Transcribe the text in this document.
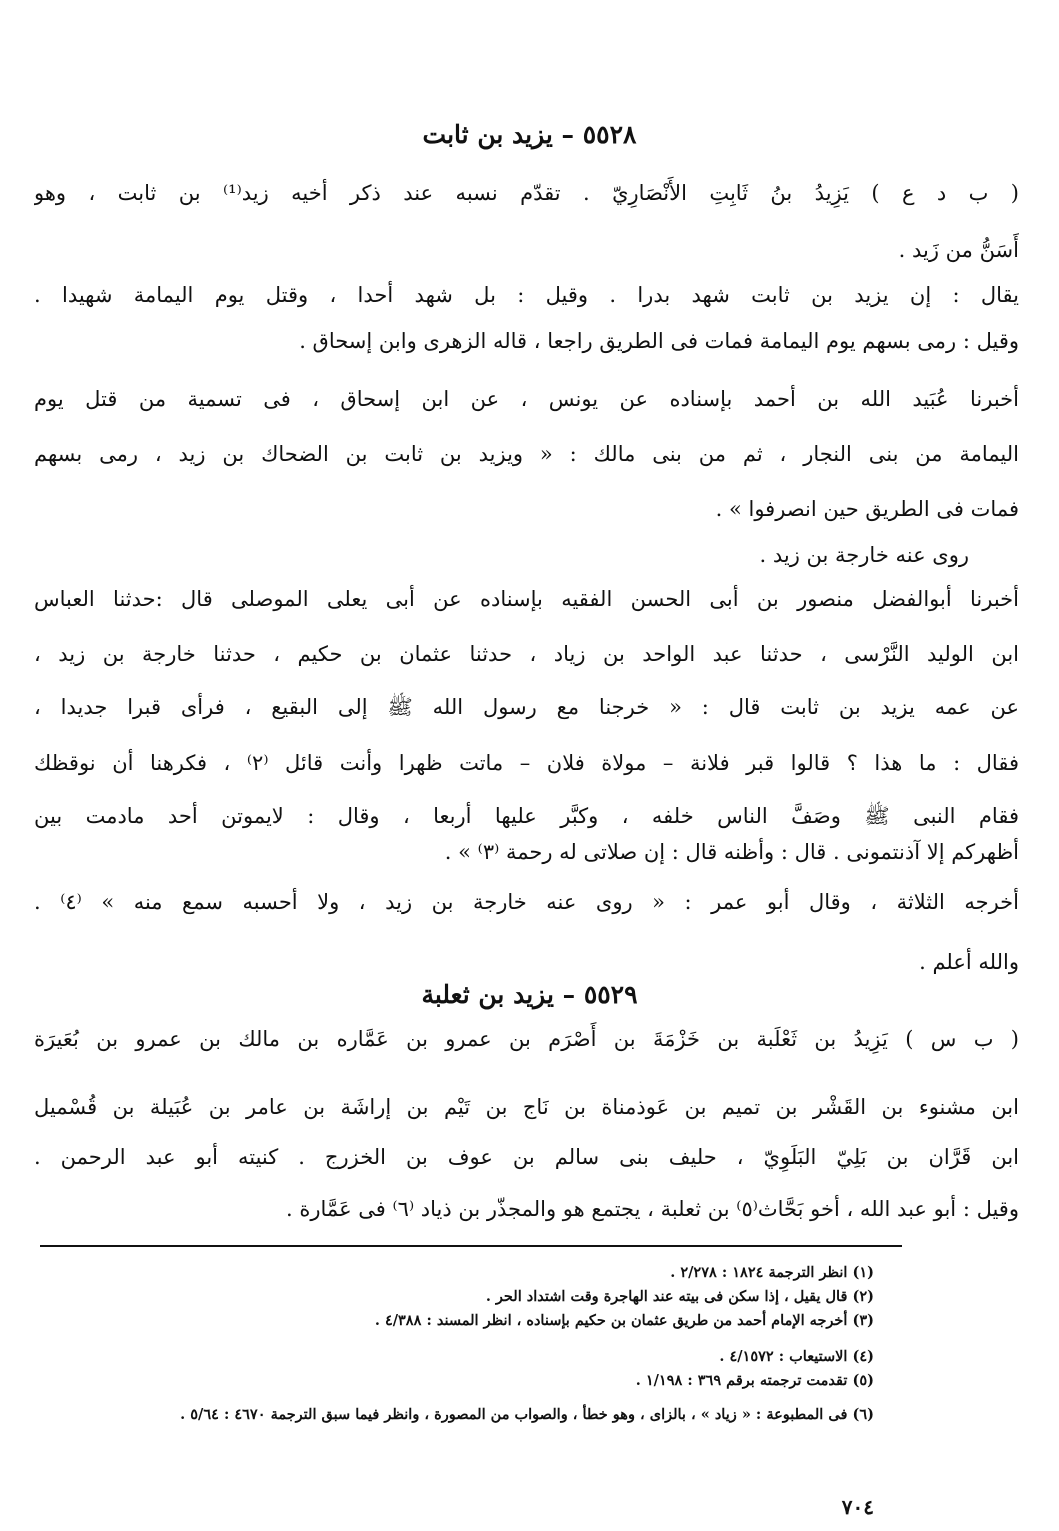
٥٥٢٨ – يزيد بن ثابت
( ب د ع ) يَزِيدُ بنُ ثَابِتِ الأَنْصَارِيّ . تقدّم نسبه عند ذكر أخيه زيد⁽¹⁾ بن ثابت ، وهو
أَسَنُّ من زَيد .
يقال : إن يزيد بن ثابت شهد بدرا . وقيل : بل شهد أحدا ، وقتل يوم اليمامة شهيدا .
وقيل : رمى بسهم يوم اليمامة فمات فى الطريق راجعا ، قاله الزهرى وابن إسحاق .
أخبرنا عُبَيد الله بن أحمد بإسناده عن يونس ، عن ابن إسحاق ، فى تسمية من قتل يوم
اليمامة من بنى النجار ، ثم من بنى مالك : « ويزيد بن ثابت بن الضحاك بن زيد ، رمى بسهم
فمات فى الطريق حين انصرفوا » .
روى عنه خارجة بن زيد .
أخبرنا أبوالفضل منصور بن أبى الحسن الفقيه بإسناده عن أبى يعلى الموصلى قال :حدثنا العباس
ابن الوليد النَّرْسى ، حدثنا عبد الواحد بن زياد ، حدثنا عثمان بن حكيم ، حدثنا خارجة بن زيد ،
عن عمه يزيد بن ثابت قال : « خرجنا مع رسول الله ﷺ إلى البقيع ، فرأى قبرا جديدا ،
فقال : ما هذا ؟ قالوا قبر فلانة – مولاة فلان – ماتت ظهرا وأنت قائل ⁽٢⁾ ، فكرهنا أن نوقظك
فقام النبى ﷺ وصَفَّ الناس خلفه ، وكبَّر عليها أربعا ، وقال : لايموتن أحد مادمت بين
أظهركم إلا آذنتمونى . قال : وأظنه قال : إن صلاتى له رحمة ⁽٣⁾ » .
أخرجه الثلاثة ، وقال أبو عمر : « روى عنه خارجة بن زيد ، ولا أحسبه سمع منه » ⁽٤⁾ .
والله أعلم .
٥٥٢٩ – يزيد بن ثعلبة
( ب س ) يَزِيدُ بن ثَعْلَبة بن خَزْمَةَ بن أَصْرَم بن عمرو بن عَمَّاره بن مالك بن عمرو بن بُعَيرَة
ابن مشنوء بن القَشْر بن تميم بن عَوذمناة بن نَاج بن تَيْم بن إراشَة بن عامر بن عُبَيلة بن قُسْميل
ابن قَرَّان بن بَلِيّ البَلَوِيّ ، حليف بنى سالم بن عوف بن الخزرج . كنيته أبو عبد الرحمن .
وقيل : أبو عبد الله ، أخو بَحَّاث⁽٥⁾ بن ثعلبة ، يجتمع هو والمجذّر بن ذياد ⁽٦⁾ فى عَمَّارة .
(١) انظر الترجمة ١٨٢٤ : ٢/٢٧٨ .
(٢) قال يقيل ، إذا سكن فى بيته عند الهاجرة وقت اشتداد الحر .
(٣) أخرجه الإمام أحمد من طريق عثمان بن حكيم بإسناده ، انظر المسند : ٤/٣٨٨ .
(٤) الاستيعاب : ٤/١٥٧٢ .
(٥) تقدمت ترجمته برقم ٣٦٩ : ١/١٩٨ .
(٦) فى المطبوعة : « زياد » ، بالزاى ، وهو خطأ ، والصواب من المصورة ، وانظر فيما سبق الترجمة ٤٦٧٠ : ٥/٦٤ .
٧٠٤
